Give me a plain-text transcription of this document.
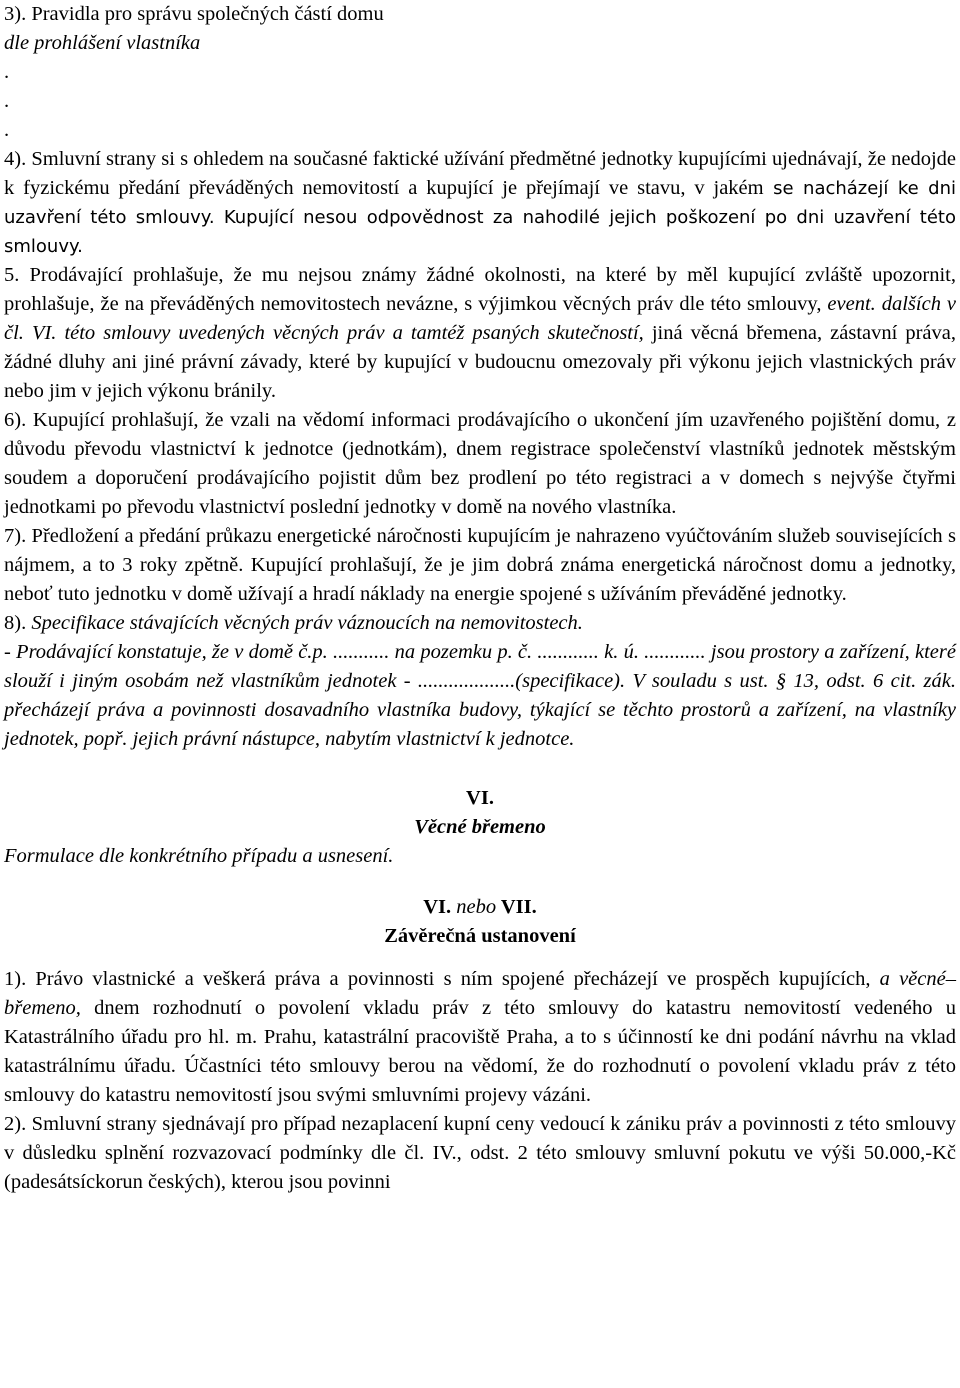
3). Pravidla pro správu společných částí domu

dle prohlášení vlastníka

.
.
.

4). Smluvní strany si s ohledem na současné faktické užívání předmětné jednotky kupujícími ujednávají, že nedojde k fyzickému předání převáděných nemovitostí a kupující je přejímají ve stavu, v jakém se nacházejí ke dni uzavření této smlouvy. Kupující nesou odpovědnost za nahodilé jejich poškození po dni uzavření této smlouvy.

5. Prodávající prohlašuje, že mu nejsou známy žádné okolnosti, na které by měl kupující zvláště upozornit, prohlašuje, že na převáděných nemovitostech nevázne, s výjimkou věcných práv dle této smlouvy, event. dalších v čl. VI. této smlouvy uvedených věcných práv a tamtéž psaných skutečností, jiná věcná břemena, zástavní práva, žádné dluhy ani jiné právní závady, které by kupující v budoucnu omezovaly při výkonu jejich vlastnických práv nebo jim v jejich výkonu bránily.

6). Kupující prohlašují, že vzali na vědomí informaci prodávajícího o ukončení jím uzavřeného pojištění domu, z důvodu převodu vlastnictví k jednotce (jednotkám), dnem registrace společenství vlastníků jednotek městským soudem a doporučení prodávajícího pojistit dům bez prodlení po této registraci a v domech s nejvýše čtyřmi jednotkami po převodu vlastnictví poslední jednotky v domě na nového vlastníka.

7). Předložení a předání průkazu energetické náročnosti kupujícím je nahrazeno vyúčtováním služeb souvisejících s nájmem, a to 3 roky zpětně. Kupující prohlašují, že je jim dobrá známa energetická náročnost domu a jednotky, neboť tuto jednotku v domě užívají a hradí náklady na energie spojené s užíváním převáděné jednotky.

8). Specifikace stávajících věcných práv váznoucích na nemovitostech.

- Prodávající konstatuje, že v domě č.p. ........... na pozemku p. č. ............ k. ú. ............ jsou prostory a zařízení, které slouží i jiným osobám než vlastníkům jednotek - ...................(specifikace). V souladu s ust. § 13, odst. 6 cit. zák. přecházejí práva a povinnosti dosavadního vlastníka budovy, týkající se těchto prostorů a zařízení, na vlastníky jednotek, popř. jejich právní nástupce, nabytím vlastnictví k jednotce.

VI.

Věcné břemeno

Formulace dle konkrétního případu a usnesení.

VI. nebo VII.

Závěrečná ustanovení

1). Právo vlastnické a veškerá práva a povinnosti s ním spojené přecházejí ve prospěch kupujících, a věcné–břemeno, dnem rozhodnutí o povolení vkladu práv z této smlouvy do katastru nemovitostí vedeného u Katastrálního úřadu pro hl. m. Prahu, katastrální pracoviště Praha, a to s účinností ke dni podání návrhu na vklad katastrálnímu úřadu. Účastníci této smlouvy berou na vědomí, že do rozhodnutí o povolení vkladu práv z této smlouvy do katastru nemovitostí jsou svými smluvními projevy vázáni.

2). Smluvní strany sjednávají pro případ nezaplacení kupní ceny vedoucí k zániku práv a povinnosti z této smlouvy v důsledku splnění rozvazovací podmínky dle čl. IV., odst. 2 této smlouvy smluvní pokutu ve výši 50.000,-Kč (padesátsíckorun českých), kterou jsou povinni
